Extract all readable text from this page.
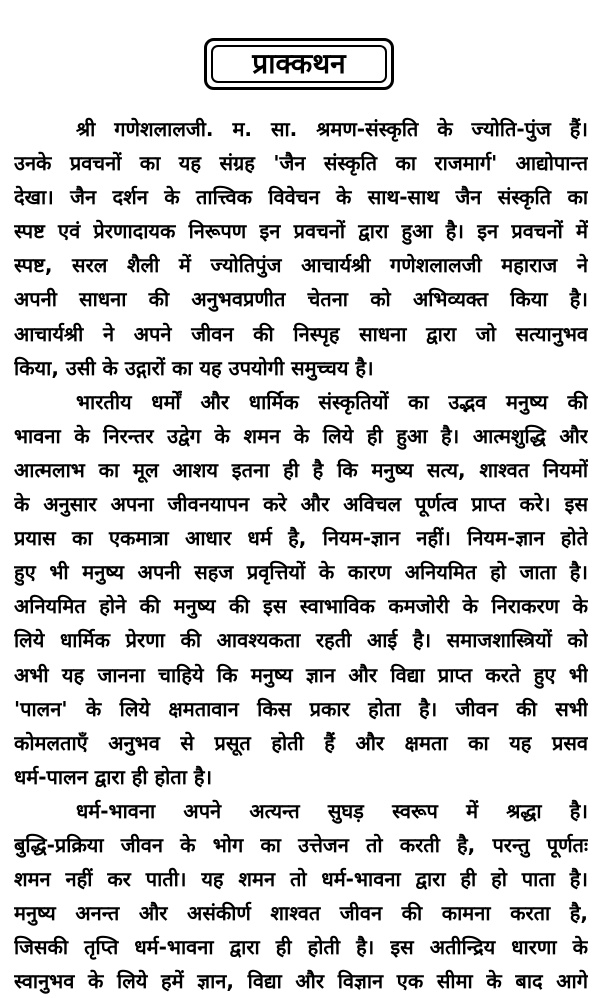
प्राक्कथन
श्री गणेशलालजी. म. सा. श्रमण-संस्कृति के ज्योति-पुंज हैं।
उनके प्रवचनों का यह संग्रह 'जैन संस्कृति का राजमार्ग' आद्योपान्त
देखा। जैन दर्शन के तात्त्विक विवेचन के साथ-साथ जैन संस्कृति का
स्पष्ट एवं प्रेरणादायक निरूपण इन प्रवचनों द्वारा हुआ है। इन प्रवचनों में
स्पष्ट, सरल शैली में ज्योतिपुंज आचार्यश्री गणेशलालजी महाराज ने
अपनी साधना की अनुभवप्रणीत चेतना को अभिव्यक्त किया है।
आचार्यश्री ने अपने जीवन की निस्पृह साधना द्वारा जो सत्यानुभव
किया, उसी के उद्गारों का यह उपयोगी समुच्चय है।
भारतीय धर्मों और धार्मिक संस्कृतियों का उद्भव मनुष्य की
भावना के निरन्तर उद्वेग के शमन के लिये ही हुआ है। आत्मशुद्धि और
आत्मलाभ का मूल आशय इतना ही है कि मनुष्य सत्य, शाश्वत नियमों
के अनुसार अपना जीवनयापन करे और अविचल पूर्णत्व प्राप्त करे। इस
प्रयास का एकमात्रा आधार धर्म है, नियम-ज्ञान नहीं। नियम-ज्ञान होते
हुए भी मनुष्य अपनी सहज प्रवृत्तियों के कारण अनियमित हो जाता है।
अनियमित होने की मनुष्य की इस स्वाभाविक कमजोरी के निराकरण के
लिये धार्मिक प्रेरणा की आवश्यकता रहती आई है। समाजशास्त्रियों को
अभी यह जानना चाहिये कि मनुष्य ज्ञान और विद्या प्राप्त करते हुए भी
'पालन' के लिये क्षमतावान किस प्रकार होता है। जीवन की सभी
कोमलताएँ अनुभव से प्रसूत होती हैं और क्षमता का यह प्रसव
धर्म-पालन द्वारा ही होता है।
धर्म-भावना अपने अत्यन्त सुघड़ स्वरूप में श्रद्धा है।
बुद्धि-प्रक्रिया जीवन के भोग का उत्तेजन तो करती है, परन्तु पूर्णतः
शमन नहीं कर पाती। यह शमन तो धर्म-भावना द्वारा ही हो पाता है।
मनुष्य अनन्त और असंकीर्ण शाश्वत जीवन की कामना करता है,
जिसकी तृप्ति धर्म-भावना द्वारा ही होती है। इस अतीन्द्रिय धारणा के
स्वानुभव के लिये हमें ज्ञान, विद्या और विज्ञान एक सीमा के बाद आगे
